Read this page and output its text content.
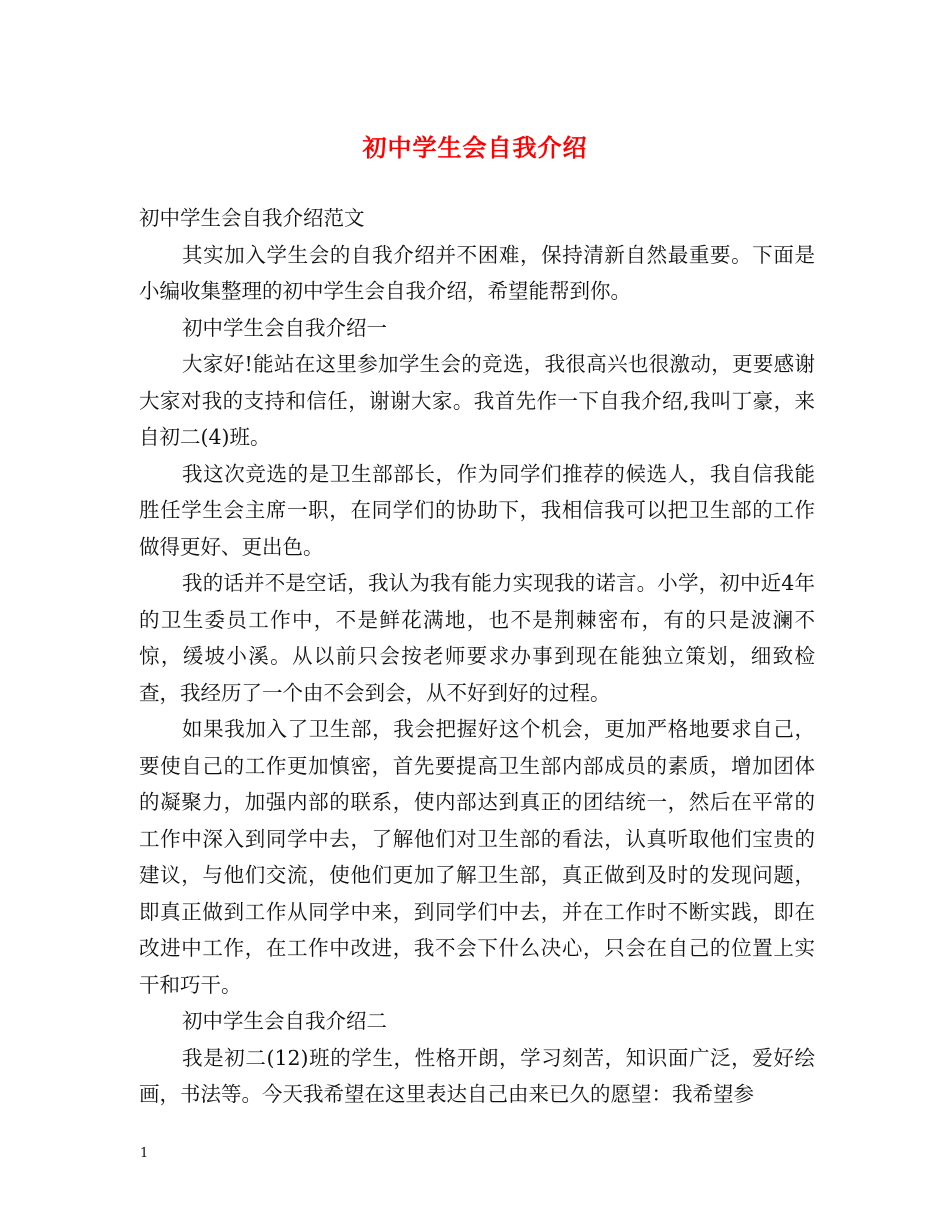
初中学生会自我介绍

初中学生会自我介绍范文

其实加入学生会的自我介绍并不困难，保持清新自然最重要。下面是小编收集整理的初中学生会自我介绍，希望能帮到你。

初中学生会自我介绍一

大家好!能站在这里参加学生会的竞选，我很高兴也很激动，更要感谢大家对我的支持和信任，谢谢大家。我首先作一下自我介绍,我叫丁豪，来自初二(4)班。

我这次竞选的是卫生部部长，作为同学们推荐的候选人，我自信我能胜任学生会主席一职，在同学们的协助下，我相信我可以把卫生部的工作做得更好、更出色。

我的话并不是空话，我认为我有能力实现我的诺言。小学，初中近4年的卫生委员工作中，不是鲜花满地，也不是荆棘密布，有的只是波澜不惊，缓坡小溪。从以前只会按老师要求办事到现在能独立策划，细致检查，我经历了一个由不会到会，从不好到好的过程。

如果我加入了卫生部，我会把握好这个机会，更加严格地要求自己，要使自己的工作更加慎密，首先要提高卫生部内部成员的素质，增加团体的凝聚力，加强内部的联系，使内部达到真正的团结统一，然后在平常的工作中深入到同学中去，了解他们对卫生部的看法，认真听取他们宝贵的建议，与他们交流，使他们更加了解卫生部，真正做到及时的发现问题，即真正做到工作从同学中来，到同学们中去，并在工作时不断实践，即在改进中工作，在工作中改进，我不会下什么决心，只会在自己的位置上实干和巧干。

初中学生会自我介绍二

我是初二(12)班的学生，性格开朗，学习刻苦，知识面广泛，爱好绘画，书法等。今天我希望在这里表达自己由来已久的愿望：我希望参

1
